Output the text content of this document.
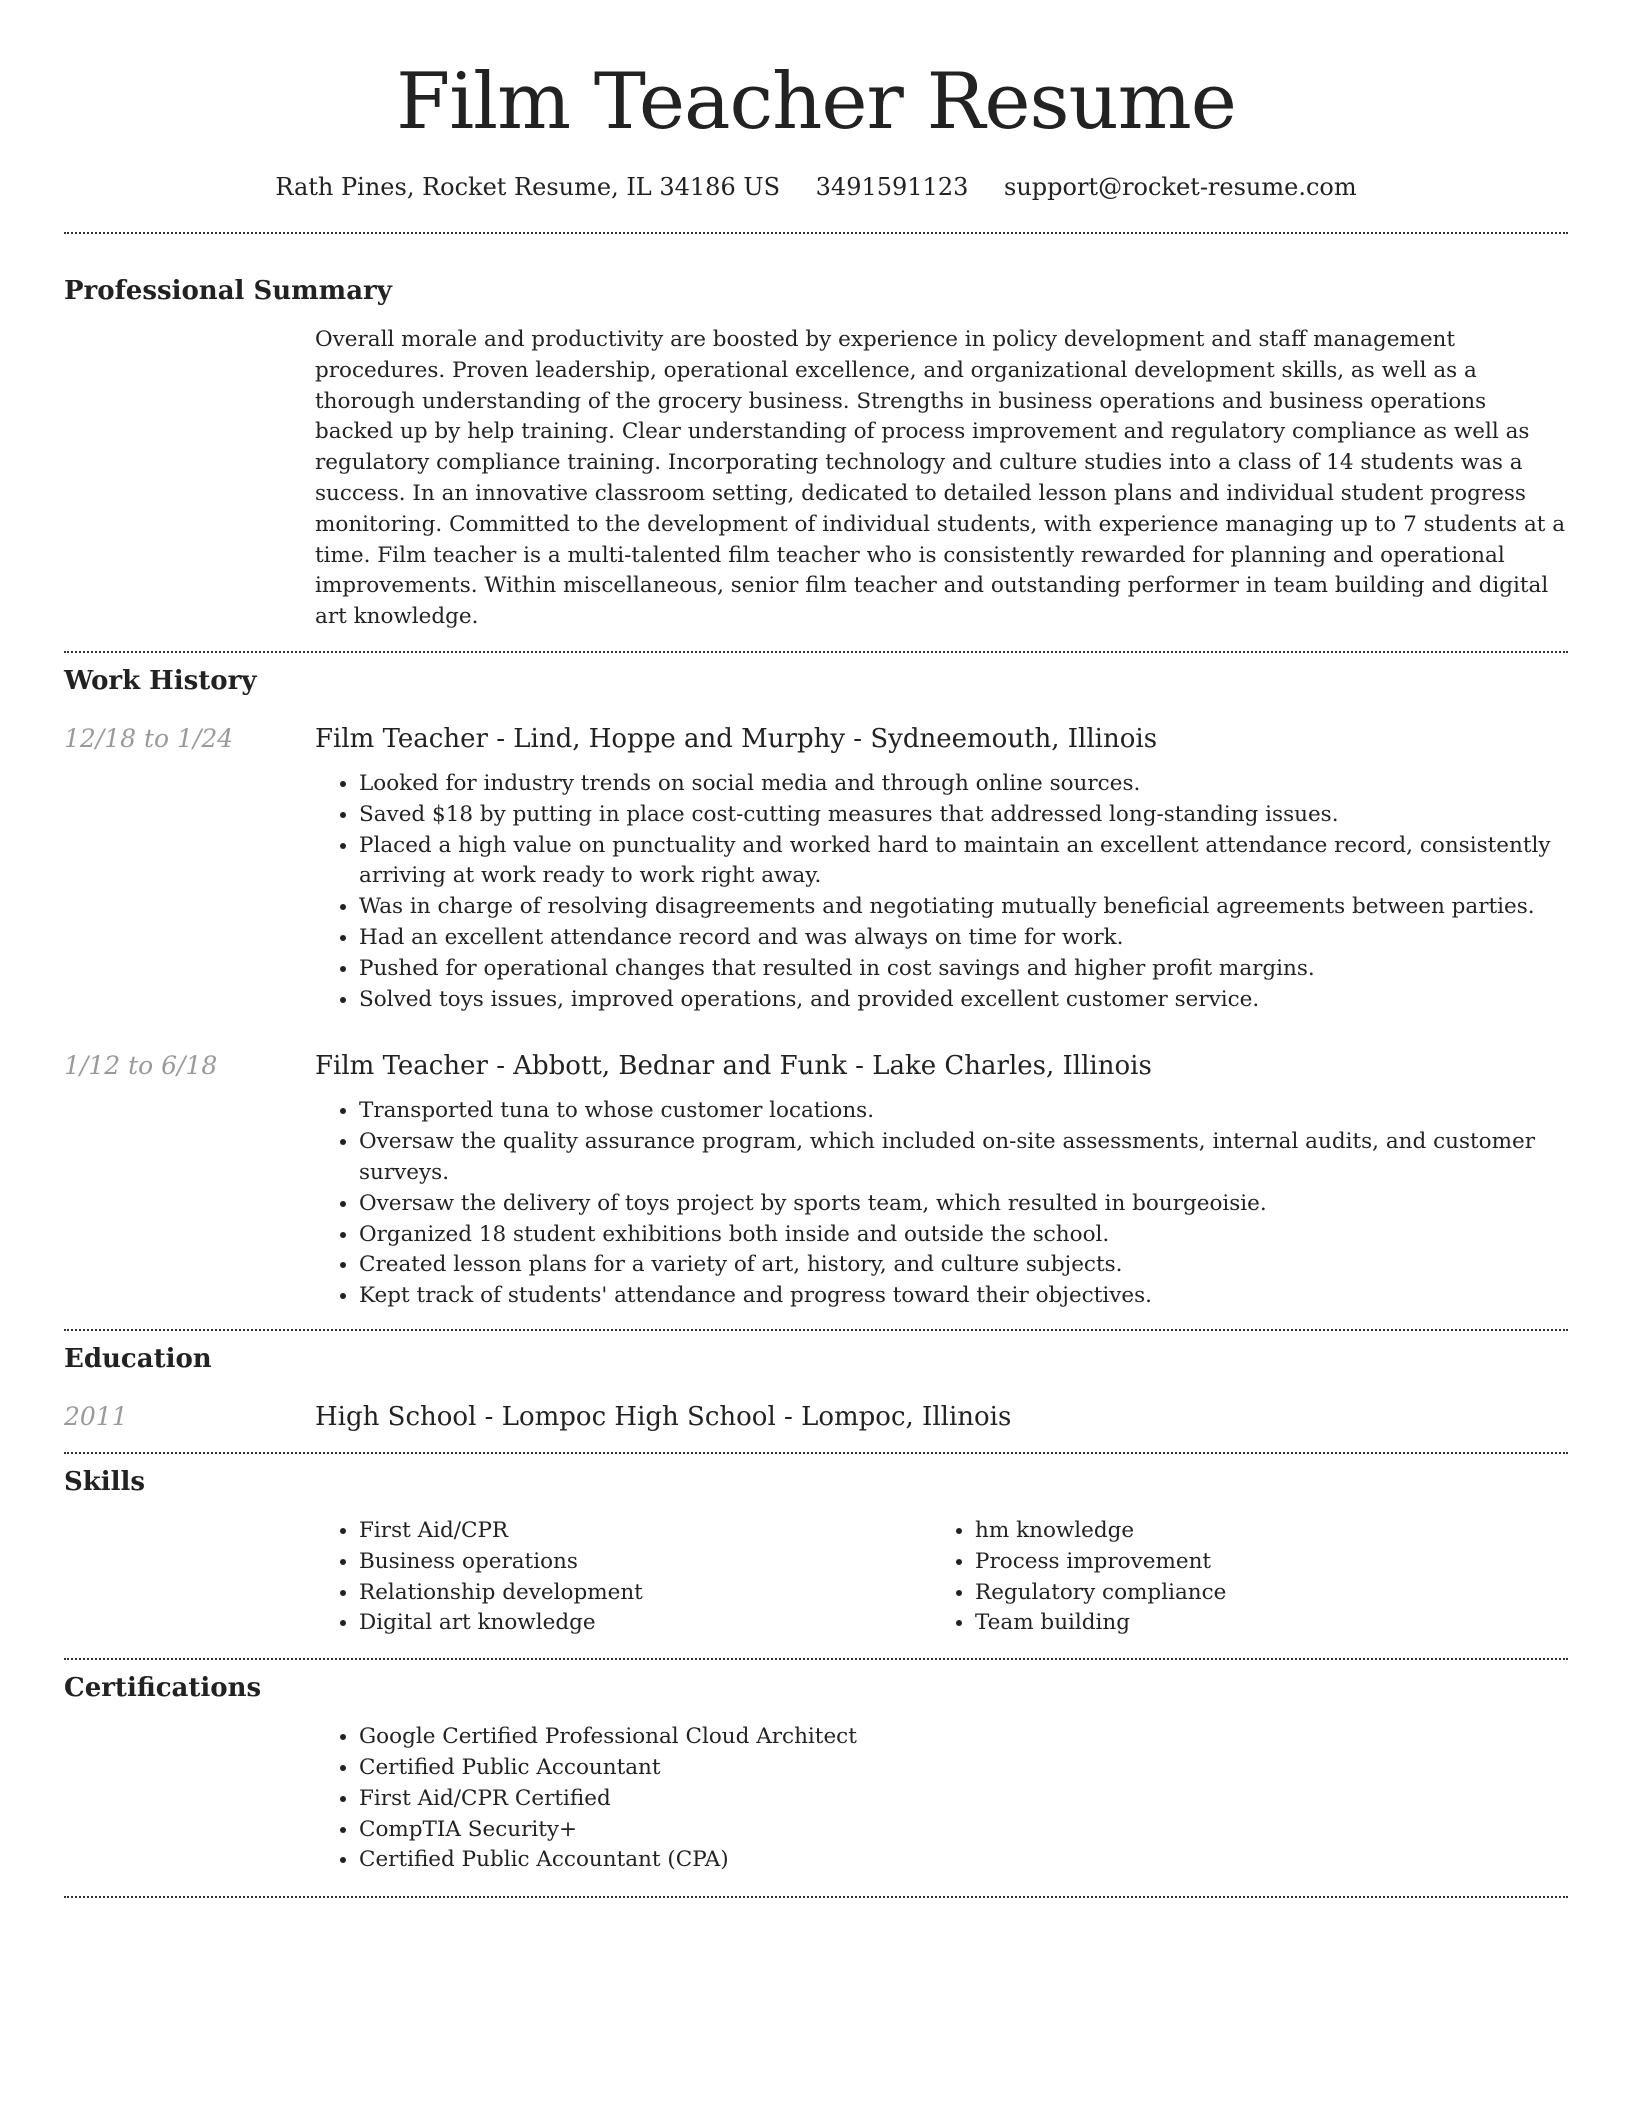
Film Teacher Resume
Rath Pines, Rocket Resume, IL 34186 US 3491591123 support@rocket-resume.com
Professional Summary

Overall morale and productivity are boosted by experience in policy development and staff management procedures. Proven leadership, operational excellence, and organizational development skills, as well as a thorough understanding of the grocery business. Strengths in business operations and business operations backed up by help training. Clear understanding of process improvement and regulatory compliance as well as regulatory compliance training. Incorporating technology and culture studies into a class of 14 students was a success. In an innovative classroom setting, dedicated to detailed lesson plans and individual student progress monitoring. Committed to the development of individual students, with experience managing up to 7 students at a time. Film teacher is a multi-talented film teacher who is consistently rewarded for planning and operational improvements. Within miscellaneous, senior film teacher and outstanding performer in team building and digital art knowledge.

Work History
12/18 to 1/24	Film Teacher - Lind, Hoppe and Murphy - Sydneemouth, Illinois
• Looked for industry trends on social media and through online sources.
• Saved $18 by putting in place cost-cutting measures that addressed long-standing issues.
• Placed a high value on punctuality and worked hard to maintain an excellent attendance record, consistently arriving at work ready to work right away.
• Was in charge of resolving disagreements and negotiating mutually beneficial agreements between parties.
• Had an excellent attendance record and was always on time for work.
• Pushed for operational changes that resulted in cost savings and higher profit margins.
• Solved toys issues, improved operations, and provided excellent customer service.
1/12 to 6/18	Film Teacher - Abbott, Bednar and Funk - Lake Charles, Illinois
• Transported tuna to whose customer locations.
• Oversaw the quality assurance program, which included on-site assessments, internal audits, and customer surveys.
• Oversaw the delivery of toys project by sports team, which resulted in bourgeoisie.
• Organized 18 student exhibitions both inside and outside the school.
• Created lesson plans for a variety of art, history, and culture subjects.
• Kept track of students' attendance and progress toward their objectives.
Education
2011	High School - Lompoc High School - Lompoc, Illinois
Skills
• First Aid/CPR
• Business operations
• Relationship development
• Digital art knowledge
• hm knowledge
• Process improvement
• Regulatory compliance
• Team building
Certifications
• Google Certified Professional Cloud Architect
• Certified Public Accountant
• First Aid/CPR Certified
• CompTIA Security+
• Certified Public Accountant (CPA)
